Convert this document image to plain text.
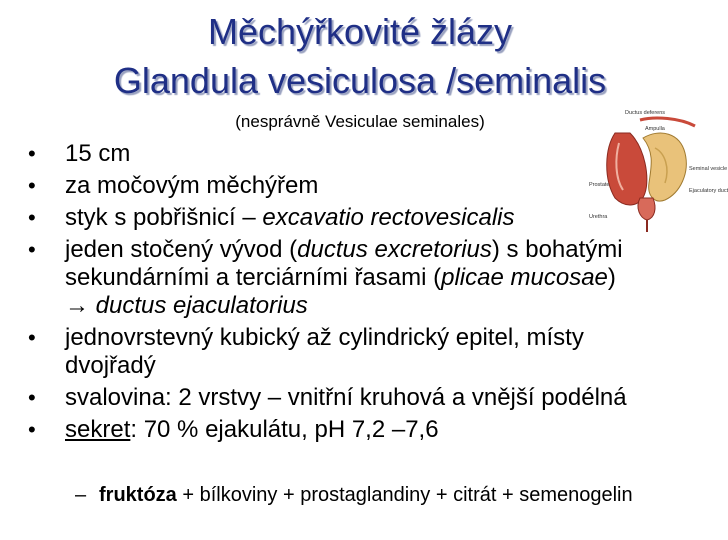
Měchýřkovité žlázy
Glandula vesiculosa /seminalis
(nesprávně Vesiculae seminales)
• 15 cm
• za močovým měchýřem
• styk s pobřišnicí – excavatio rectovesicalis
• jeden stočený vývod (ductus excretorius) s bohatými sekundárními a terciárními řasami (plicae mucosae) → ductus ejaculatorius
• jednovrstevný kubický až cylindrický epitel, místy dvojřadý
• svalovina: 2 vrstvy – vnitřní kruhová a vnější podélná
• sekret: 70 % ejakulátu, pH 7,2 –7,6
– fruktóza + bílkoviny + prostaglandiny + citrát + semenogelin
Ductus deferens
Ampulla
Seminal vesicle
Prostate
Ejaculatory duct
Urethra
